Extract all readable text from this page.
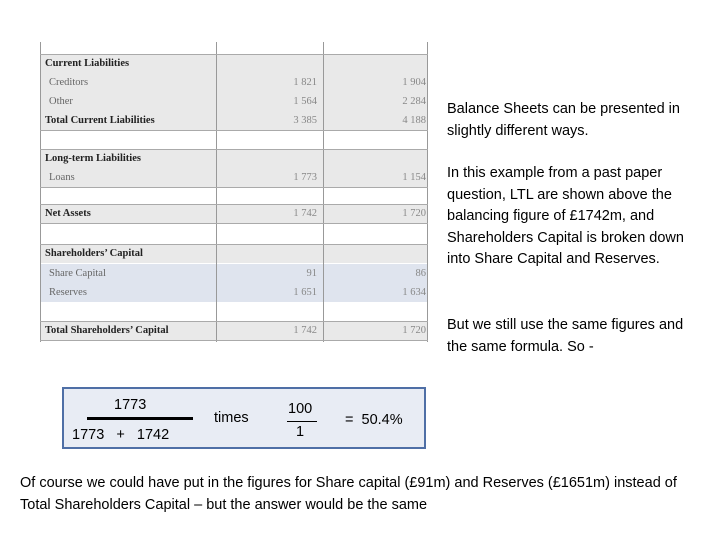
Current Liabilities
Creditors	1 821	1 904
Other	1 564	2 284
Total Current Liabilities	3 385	4 188
Long-term Liabilities
Loans	1 773	1 154
Net Assets	1 742	1 720
Shareholders’ Capital
Share Capital	91	86
Reserves	1 651	1 634
Total Shareholders’ Capital	1 742	1 720
Balance Sheets can be presented in slightly different ways.
In this example from a past paper question, LTL are shown above the balancing figure of £1742m, and Shareholders Capital is broken down into Share Capital and Reserves.
But we still use the same figures and the same formula. So -
1773
1773   +   1742
times
100
1
=  50.4%
Of course we could have put in the figures for Share capital (£91m) and Reserves (£1651m) instead of Total Shareholders Capital – but the answer would be the same
